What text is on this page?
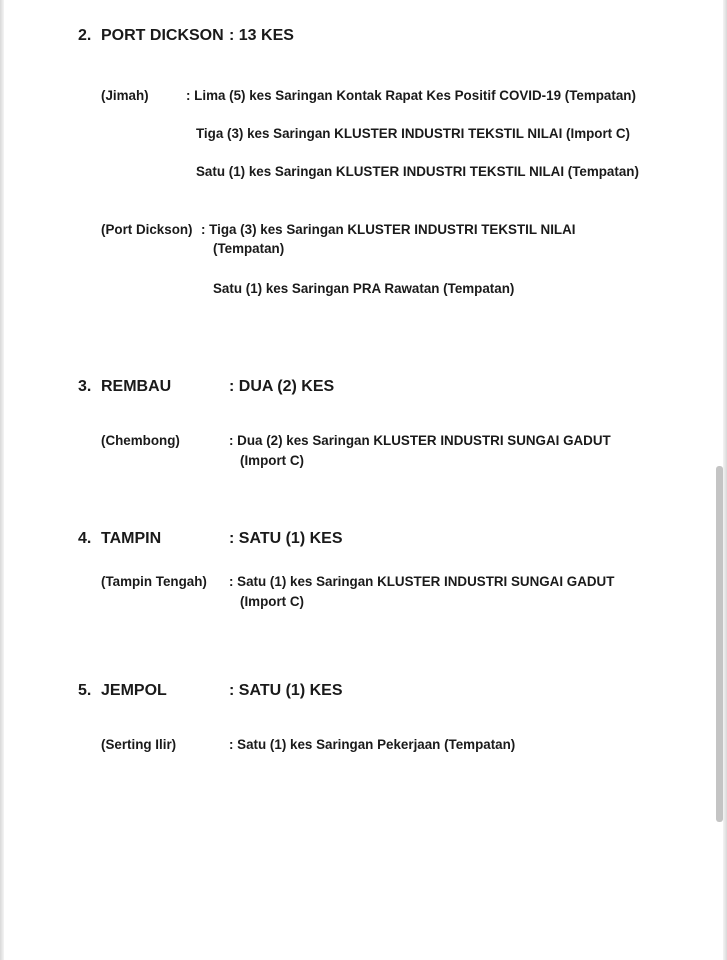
2. PORT DICKSON : 13 KES
(Jimah)	: Lima (5) kes Saringan Kontak Rapat Kes Positif COVID-19 (Tempatan)
Tiga (3) kes Saringan KLUSTER INDUSTRI TEKSTIL NILAI (Import C)
Satu (1) kes Saringan KLUSTER INDUSTRI TEKSTIL NILAI (Tempatan)
(Port Dickson) : Tiga (3) kes Saringan KLUSTER INDUSTRI TEKSTIL NILAI
(Tempatan)
Satu (1) kes Saringan PRA Rawatan (Tempatan)
3. REMBAU	: DUA (2) KES
(Chembong)	: Dua (2) kes Saringan KLUSTER INDUSTRI SUNGAI GADUT
(Import C)
4. TAMPIN	: SATU (1) KES
(Tampin Tengah) : Satu (1) kes Saringan KLUSTER INDUSTRI SUNGAI GADUT
(Import C)
5. JEMPOL	: SATU (1) KES
(Serting Ilir)	: Satu (1) kes Saringan Pekerjaan (Tempatan)
